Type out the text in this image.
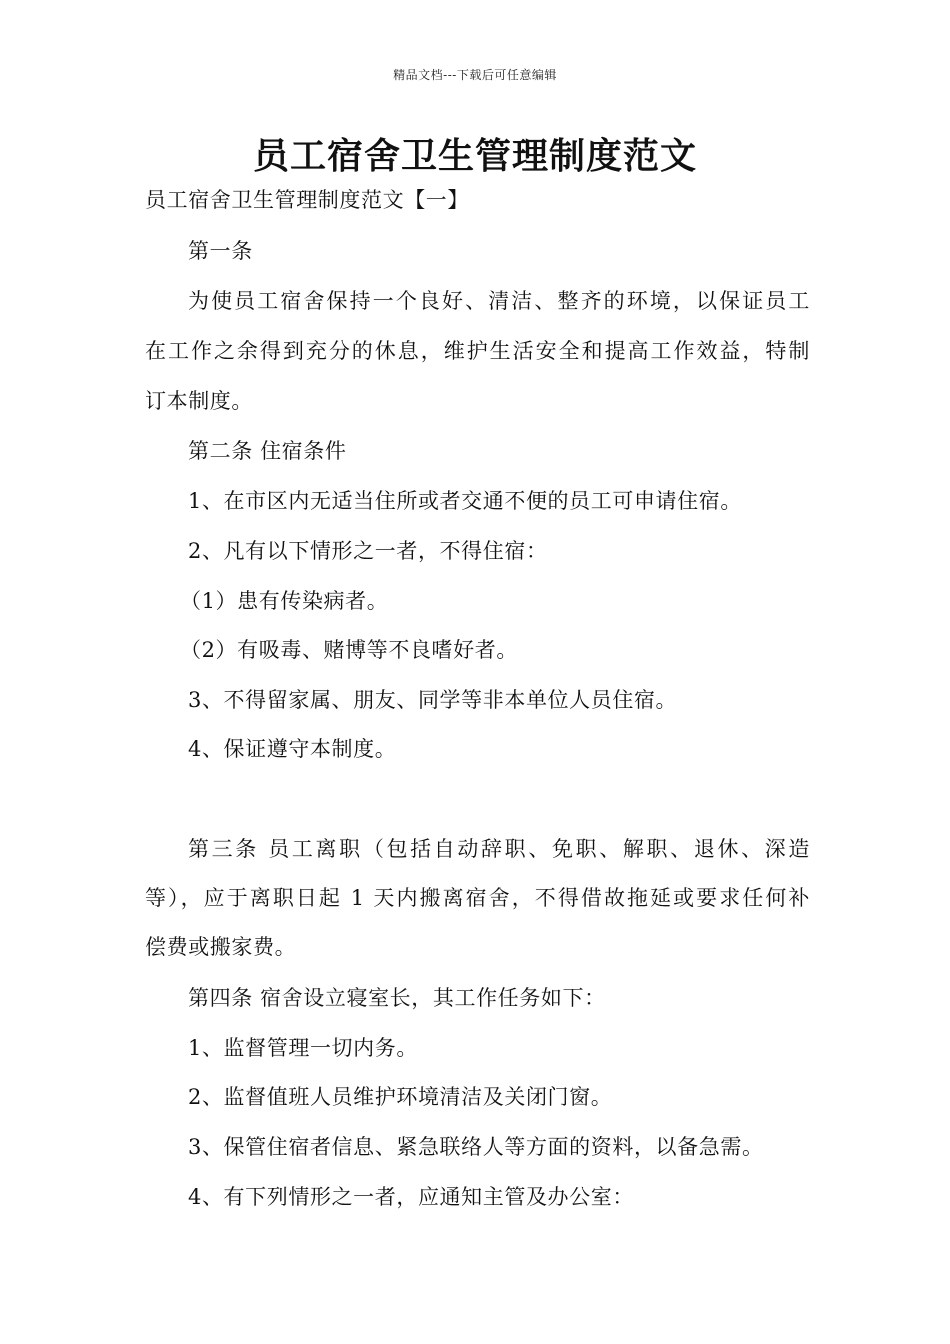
精品文档---下载后可任意编辑
员工宿舍卫生管理制度范文
员工宿舍卫生管理制度范文【一】
第一条
为使员工宿舍保持一个良好、清洁、整齐的环境，以保证员工
在工作之余得到充分的休息，维护生活安全和提高工作效益，特制
订本制度。
第二条 住宿条件
1、在市区内无适当住所或者交通不便的员工可申请住宿。
2、凡有以下情形之一者，不得住宿：
（1）患有传染病者。
（2）有吸毒、赌博等不良嗜好者。
3、不得留家属、朋友、同学等非本单位人员住宿。
4、保证遵守本制度。
第三条 员工离职（包括自动辞职、免职、解职、退休、深造
等），应于离职日起 1 天内搬离宿舍，不得借故拖延或要求任何补
偿费或搬家费。
第四条 宿舍设立寝室长，其工作任务如下：
1、监督管理一切内务。
2、监督值班人员维护环境清洁及关闭门窗。
3、保管住宿者信息、紧急联络人等方面的资料，以备急需。
4、有下列情形之一者，应通知主管及办公室：
